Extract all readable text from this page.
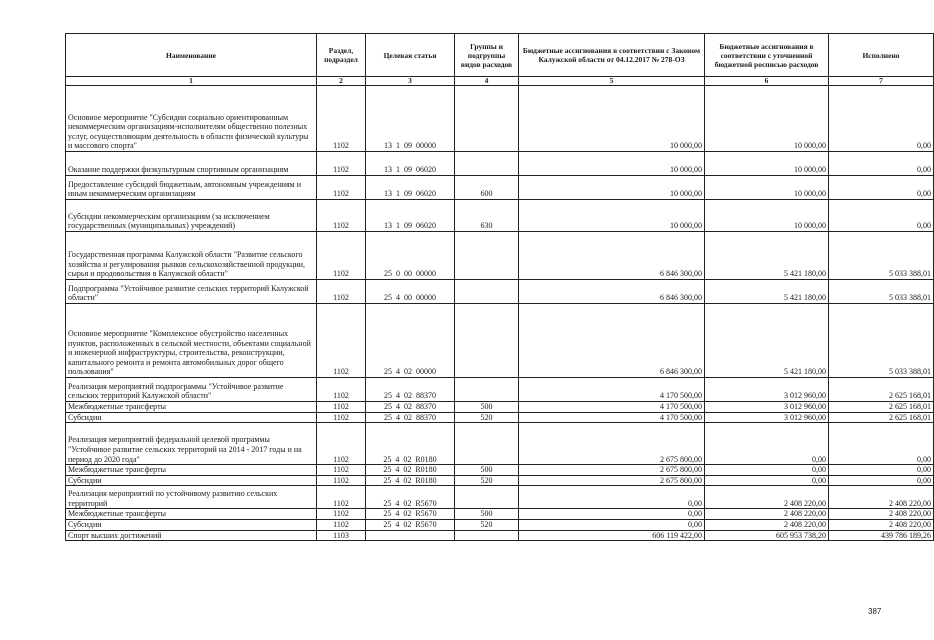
Наименование	Раздел, подраздел	Целевая статья	Группы и подгруппы видов расходов	Бюджетные ассигнования в соответствии с Законом Калужской области от 04.12.2017 № 278-ОЗ	Бюджетные ассигнования в соответствии с уточненной бюджетной росписью расходов	Исполнено
1	2	3	4	5	6	7
Основное мероприятие "Субсидии социально ориентированным некоммерческим организациям-исполнителям общественно полезных услуг, осуществляющим деятельность в области физической культуры и массового спорта"	1102	13  1  09  00000		10 000,00	10 000,00	0,00
Оказание поддержки физкультурным спортивным организациям	1102	13  1  09  06020		10 000,00	10 000,00	0,00
Предоставление субсидий бюджетным, автономным учреждениям и иным некоммерческим организациям	1102	13  1  09  06020	600	10 000,00	10 000,00	0,00
Субсидии некоммерческим организациям (за исключением государственных (муниципальных) учреждений)	1102	13  1  09  06020	630	10 000,00	10 000,00	0,00
Государственная программа Калужской области "Развитие сельского хозяйства и регулирования рынков сельскохозяйственной продукции, сырья и продовольствия в Калужской области"	1102	25  0  00  00000		6 846 300,00	5 421 180,00	5 033 388,01
Подпрограмма "Устойчивое развитие сельских территорий Калужской области"	1102	25  4  00  00000		6 846 300,00	5 421 180,00	5 033 388,01
Основное мероприятие "Комплексное обустройство населенных пунктов, расположенных в сельской местности, объектами социальной и инженерной инфраструктуры, строительства, реконструкции, капитального ремонта и ремонта автомобильных дорог общего пользования"	1102	25  4  02  00000		6 846 300,00	5 421 180,00	5 033 388,01
Реализация мероприятий подпрограммы "Устойчивое развитие сельских территорий Калужской области"	1102	25  4  02  88370		4 170 500,00	3 012 960,00	2 625 168,01
Межбюджетные трансферты	1102	25  4  02  88370	500	4 170 500,00	3 012 960,00	2 625 168,01
Субсидии	1102	25  4  02  88370	520	4 170 500,00	3 012 960,00	2 625 168,01
Реализация мероприятий федеральной целевой программы "Устойчивое развитие сельских территорий на 2014 - 2017 годы и на период до 2020 года"	1102	25  4  02  R0180		2 675 800,00	0,00	0,00
Межбюджетные трансферты	1102	25  4  02  R0180	500	2 675 800,00	0,00	0,00
Субсидии	1102	25  4  02  R0180	520	2 675 800,00	0,00	0,00
Реализация мероприятий по устойчивому развитию сельских территорий	1102	25  4  02  R5670		0,00	2 408 220,00	2 408 220,00
Межбюджетные трансферты	1102	25  4  02  R5670	500	0,00	2 408 220,00	2 408 220,00
Субсидии	1102	25  4  02  R5670	520	0,00	2 408 220,00	2 408 220,00
Спорт высших достижений	1103			606 119 422,00	605 953 738,20	439 786 189,26
387
